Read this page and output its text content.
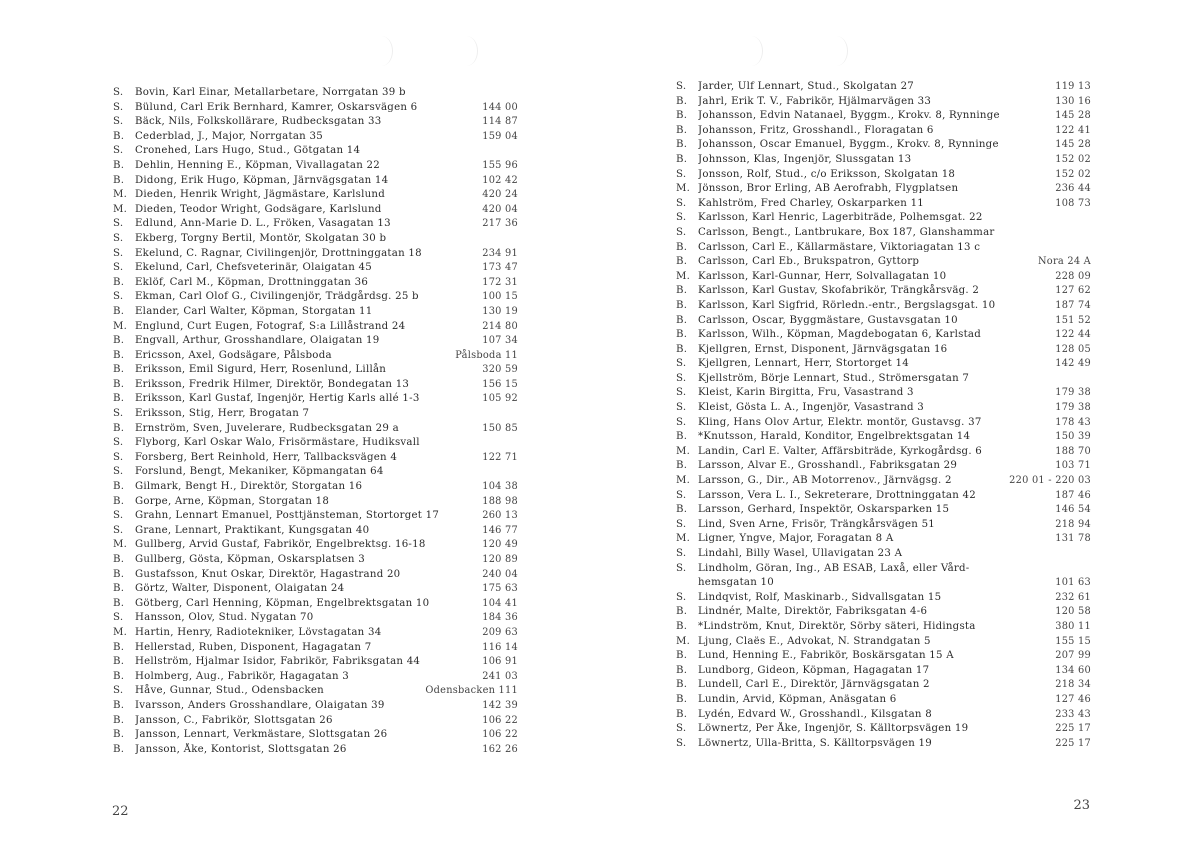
S.	Bovin, Karl Einar, Metallarbetare, Norrgatan 39 b
S.	Bülund, Carl Erik Bernhard, Kamrer, Oskarsvägen 6	144 00
S.	Bäck, Nils, Folkskollärare, Rudbecksgatan 33	114 87
B.	Cederblad, J., Major, Norrgatan 35	159 04
S.	Cronehed, Lars Hugo, Stud., Götgatan 14
B.	Dehlin, Henning E., Köpman, Vivallagatan 22	155 96
B.	Didong, Erik Hugo, Köpman, Järnvägsgatan 14	102 42
M. Dieden, Henrik Wright, Jägmästare, Karlslund	420 24
M. Dieden, Teodor Wright, Godsägare, Karlslund	420 04
S.	Edlund, Ann-Marie D. L., Fröken, Vasagatan 13	217 36
S.	Ekberg, Torgny Bertil, Montör, Skolgatan 30 b
S.	Ekelund, C. Ragnar, Civilingenjör, Drottninggatan 18	234 91
S.	Ekelund, Carl, Chefsveterinär, Olaigatan 45	173 47
B.	Eklöf, Carl M., Köpman, Drottninggatan 36	172 31
S.	Ekman, Carl Olof G., Civilingenjör, Trädgårdsg. 25 b	100 15
B.	Elander, Carl Walter, Köpman, Storgatan 11	130 19
M. Englund, Curt Eugen, Fotograf, S:a Lillåstrand 24	214 80
B.	Engvall, Arthur, Grosshandlare, Olaigatan 19	107 34
B.	Ericsson, Axel, Godsägare, Pålsboda	Pålsboda 11
B.	Eriksson, Emil Sigurd, Herr, Rosenlund, Lillån	320 59
B.	Eriksson, Fredrik Hilmer, Direktör, Bondegatan 13	156 15
B.	Eriksson, Karl Gustaf, Ingenjör, Hertig Karls allé 1-3	105 92
S.	Eriksson, Stig, Herr, Brogatan 7
B.	Ernström, Sven, Juvelerare, Rudbecksgatan 29 a	150 85
S.	Flyborg, Karl Oskar Walo, Frisörmästare, Hudiksvall
S.	Forsberg, Bert Reinhold, Herr, Tallbacksvägen 4	122 71
S.	Forslund, Bengt, Mekaniker, Köpmangatan 64
B.	Gilmark, Bengt H., Direktör, Storgatan 16	104 38
B.	Gorpe, Arne, Köpman, Storgatan 18	188 98
S.	Grahn, Lennart Emanuel, Posttjänsteman, Stortorget 17	260 13
S.	Grane, Lennart, Praktikant, Kungsgatan 40	146 77
M. Gullberg, Arvid Gustaf, Fabrikör, Engelbrektsg. 16-18	120 49
B.	Gullberg, Gösta, Köpman, Oskarsplatsen 3	120 89
B.	Gustafsson, Knut Oskar, Direktör, Hagastrand 20	240 04
B.	Görtz, Walter, Disponent, Olaigatan 24	175 63
B.	Götberg, Carl Henning, Köpman, Engelbrektsgatan 10	104 41
S.	Hansson, Olov, Stud. Nygatan 70	184 36
M. Hartin, Henry, Radiotekniker, Lövstagatan 34	209 63
B.	Hellerstad, Ruben, Disponent, Hagagatan 7	116 14
B.	Hellström, Hjalmar Isidor, Fabrikör, Fabriksgatan 44	106 91
B.	Holmberg, Aug., Fabrikör, Hagagatan 3	241 03
S.	Håve, Gunnar, Stud., Odensbacken	Odensbacken 111
B.	Ivarsson, Anders Grosshandlare, Olaigatan 39	142 39
B.	Jansson, C., Fabrikör, Slottsgatan 26	106 22
B.	Jansson, Lennart, Verkmästare, Slottsgatan 26	106 22
B.	Jansson, Åke, Kontorist, Slottsgatan 26	162 26
22
S.	Jarder, Ulf Lennart, Stud., Skolgatan 27	119 13
B.	Jahrl, Erik T. V., Fabrikör, Hjälmarvägen 33	130 16
B.	Johansson, Edvin Natanael, Byggm., Krokv. 8, Rynninge	145 28
B.	Johansson, Fritz, Grosshandl., Floragatan 6	122 41
B.	Johansson, Oscar Emanuel, Byggm., Krokv. 8, Rynninge	145 28
B.	Johnsson, Klas, Ingenjör, Slussgatan 13	152 02
S.	Jonsson, Rolf, Stud., c/o Eriksson, Skolgatan 18	152 02
M. Jönsson, Bror Erling, AB Aerofrabh, Flygplatsen	236 44
S.	Kahlström, Fred Charley, Oskarparken 11	108 73
S.	Karlsson, Karl Henric, Lagerbiträde, Polhemsgat. 22
S.	Carlsson, Bengt., Lantbrukare, Box 187, Glanshammar
B.	Carlsson, Carl E., Källarmästare, Viktoriagatan 13 c
B.	Carlsson, Carl Eb., Brukspatron, Gyttorp	Nora 24 A
M. Karlsson, Karl-Gunnar, Herr, Solvallagatan 10	228 09
B.	Karlsson, Karl Gustav, Skofabrikör, Trängkårsväg. 2	127 62
B.	Karlsson, Karl Sigfrid, Rörledn.-entr., Bergslagsgat. 10	187 74
B.	Carlsson, Oscar, Byggmästare, Gustavsgatan 10	151 52
B.	Karlsson, Wilh., Köpman, Magdebogatan 6, Karlstad	122 44
B.	Kjellgren, Ernst, Disponent, Järnvägsgatan 16	128 05
S.	Kjellgren, Lennart, Herr, Stortorget 14	142 49
S.	Kjellström, Börje Lennart, Stud., Strömersgatan 7
S.	Kleist, Karin Birgitta, Fru, Vasastrand 3	179 38
S.	Kleist, Gösta L. A., Ingenjör, Vasastrand 3	179 38
S.	Kling, Hans Olov Artur, Elektr. montör, Gustavsg. 37	178 43
B.	*Knutsson, Harald, Konditor, Engelbrektsgatan 14	150 39
M. Landin, Carl E. Valter, Affärsbiträde, Kyrkogårdsg. 6	188 70
B.	Larsson, Alvar E., Grosshandl., Fabriksgatan 29	103 71
M. Larsson, G., Dir., AB Motorrenov., Järnvägsg. 2	220 01 - 220 03
S.	Larsson, Vera L. I., Sekreterare, Drottninggatan 42	187 46
B.	Larsson, Gerhard, Inspektör, Oskarsparken 15	146 54
S.	Lind, Sven Arne, Frisör, Trängkårsvägen 51	218 94
M. Ligner, Yngve, Major, Foragatan 8 A	131 78
S.	Lindahl, Billy Wasel, Ullavigatan 23 A
S.	Lindholm, Göran, Ing., AB ESAB, Laxå, eller Vård-
hemsgatan 10	101 63
S.	Lindqvist, Rolf, Maskinarb., Sidvallsgatan 15	232 61
B.	Lindnér, Malte, Direktör, Fabriksgatan 4-6	120 58
B.	*Lindström, Knut, Direktör, Sörby säteri, Hidingsta	380 11
M. Ljung, Claës E., Advokat, N. Strandgatan 5	155 15
B.	Lund, Henning E., Fabrikör, Boskärsgatan 15 A	207 99
B.	Lundborg, Gideon, Köpman, Hagagatan 17	134 60
B.	Lundell, Carl E., Direktör, Järnvägsgatan 2	218 34
B.	Lundin, Arvid, Köpman, Anäsgatan 6	127 46
B.	Lydén, Edvard W., Grosshandl., Kilsgatan 8	233 43
S.	Löwnertz, Per Åke, Ingenjör, S. Källtorpsvägen 19	225 17
S.	Löwnertz, Ulla-Britta, S. Källtorpsvägen 19	225 17
23
